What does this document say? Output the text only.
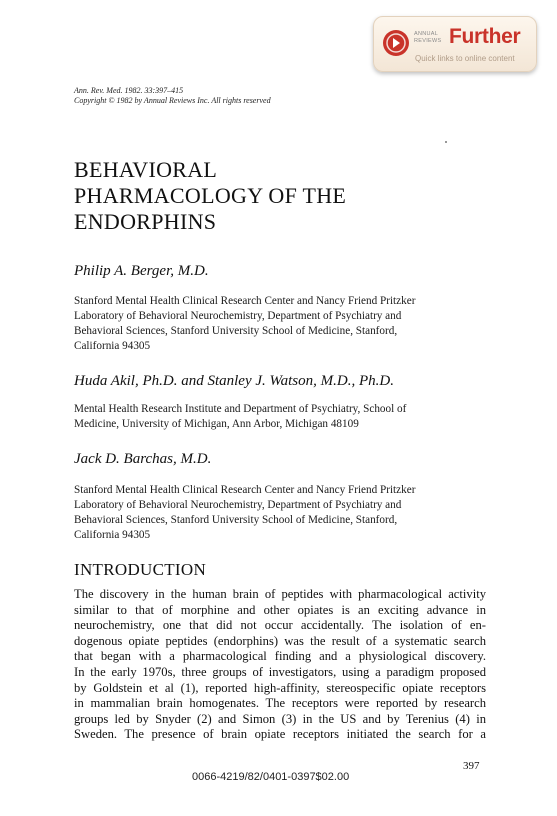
ANNUAL
REVIEWS Further
Quick links to online content
Ann. Rev. Med. 1982. 33:397–415
Copyright © 1982 by Annual Reviews Inc. All rights reserved
BEHAVIORAL
PHARMACOLOGY OF THE
ENDORPHINS
Philip A. Berger, M.D.
Stanford Mental Health Clinical Research Center and Nancy Friend Pritzker
Laboratory of Behavioral Neurochemistry, Department of Psychiatry and
Behavioral Sciences, Stanford University School of Medicine, Stanford,
California 94305
Huda Akil, Ph.D. and Stanley J. Watson, M.D., Ph.D.
Mental Health Research Institute and Department of Psychiatry, School of
Medicine, University of Michigan, Ann Arbor, Michigan 48109
Jack D. Barchas, M.D.
Stanford Mental Health Clinical Research Center and Nancy Friend Pritzker
Laboratory of Behavioral Neurochemistry, Department of Psychiatry and
Behavioral Sciences, Stanford University School of Medicine, Stanford,
California 94305
INTRODUCTION
The discovery in the human brain of peptides with pharmacological activity
similar to that of morphine and other opiates is an exciting advance in
neurochemistry, one that did not occur accidentally. The isolation of en-
dogenous opiate peptides (endorphins) was the result of a systematic search
that began with a pharmacological finding and a physiological discovery.
In the early 1970s, three groups of investigators, using a paradigm proposed
by Goldstein et al (1), reported high-affinity, stereospecific opiate receptors
in mammalian brain homogenates. The receptors were reported by research
groups led by Snyder (2) and Simon (3) in the US and by Terenius (4) in
Sweden. The presence of brain opiate receptors initiated the search for a
397
0066-4219/82/0401-0397$02.00
